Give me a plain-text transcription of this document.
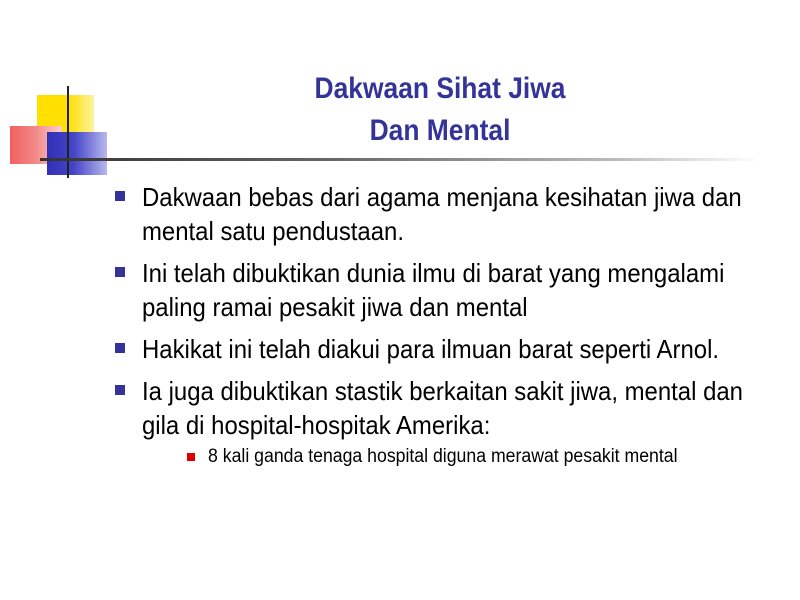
Dakwaan Sihat Jiwa
Dan Mental
Dakwaan bebas dari agama menjana kesihatan jiwa dan mental satu pendustaan.
Ini telah dibuktikan dunia ilmu di barat yang mengalami paling ramai pesakit jiwa dan mental
Hakikat ini telah diakui para ilmuan barat seperti Arnol.
Ia juga dibuktikan stastik berkaitan sakit jiwa, mental dan gila di hospital-hospitak Amerika:
8 kali ganda tenaga hospital diguna merawat pesakit mental
